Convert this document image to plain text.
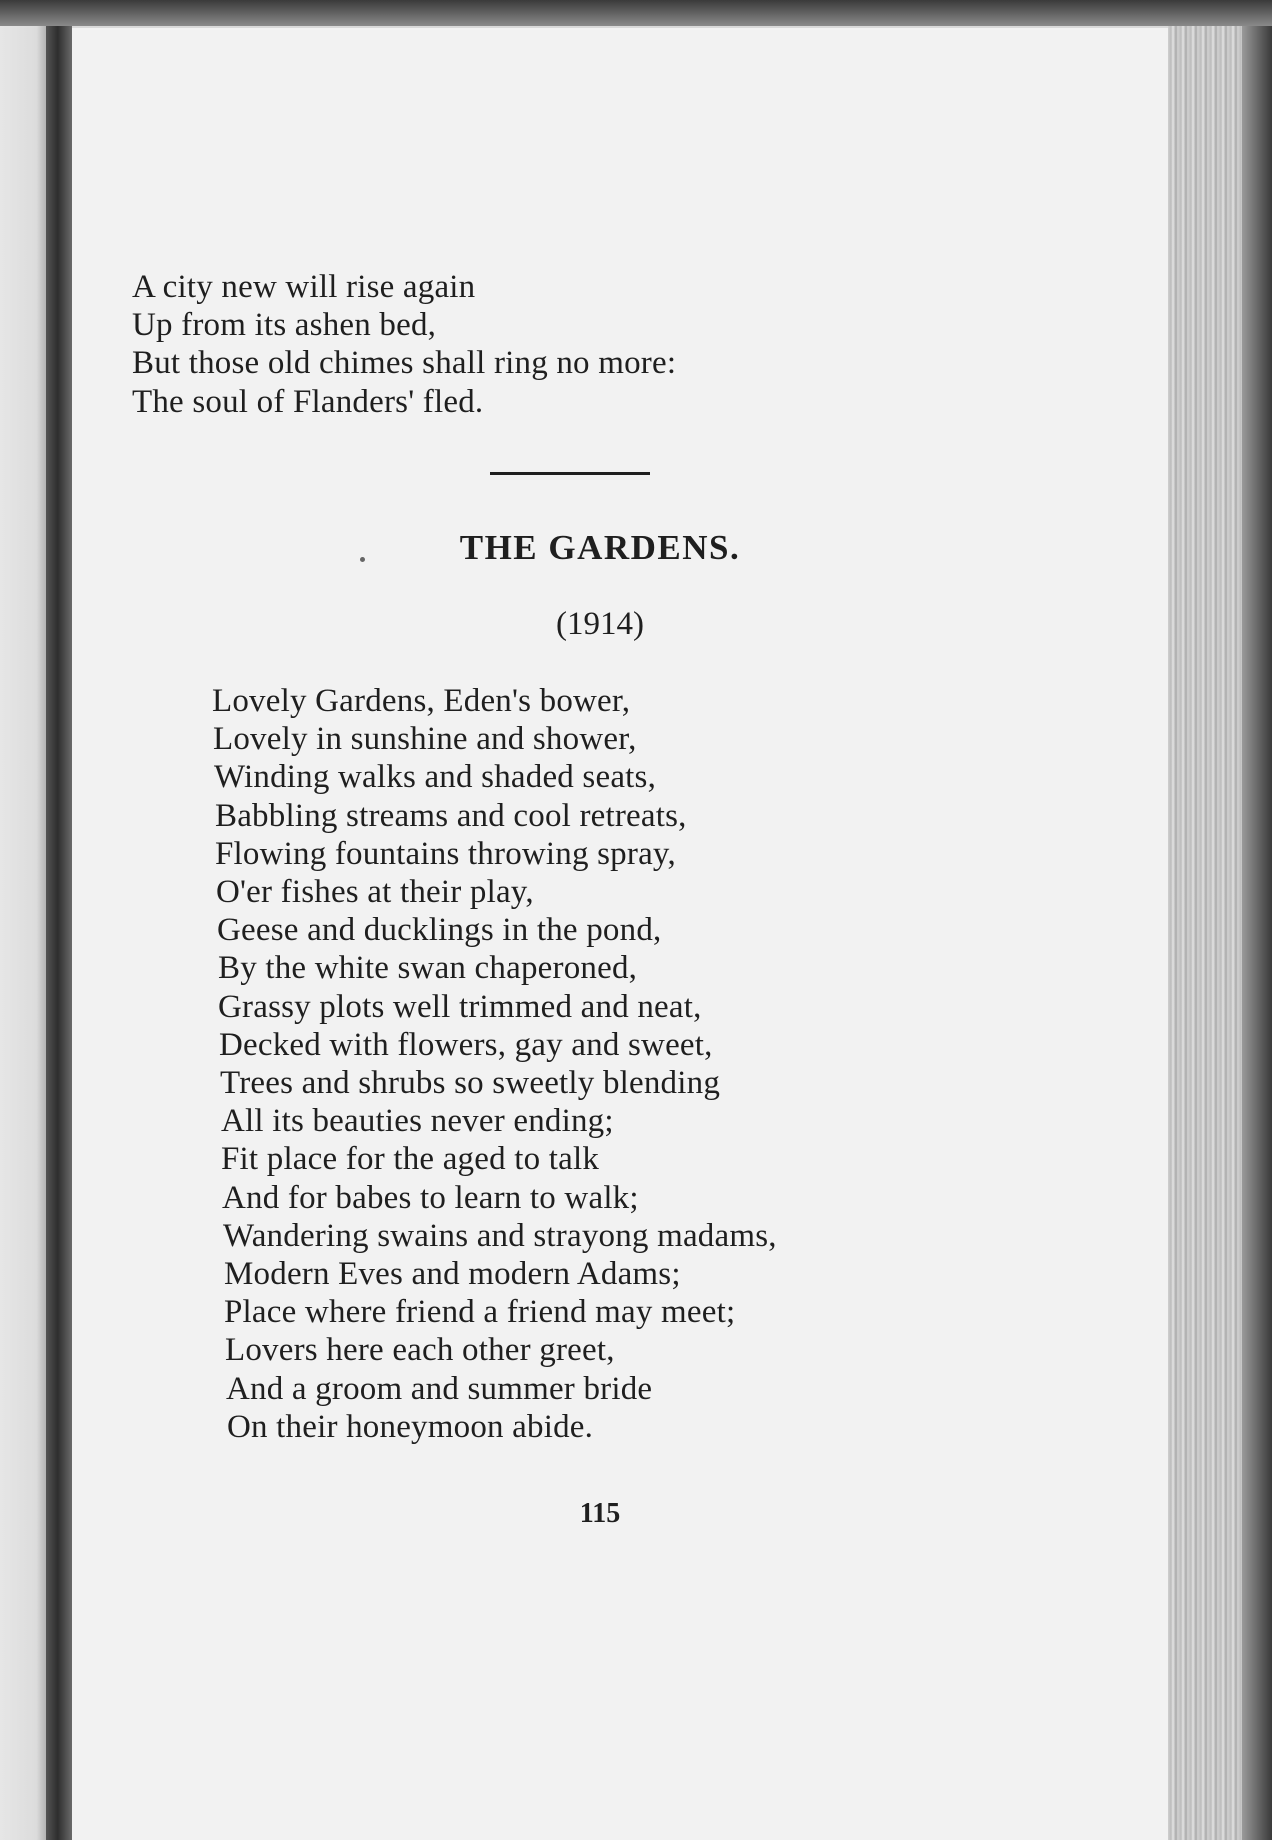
A city new will rise again
Up from its ashen bed,
But those old chimes shall ring no more:
The soul of Flanders' fled.
THE GARDENS.
(1914)
Lovely Gardens, Eden's bower,
Lovely in sunshine and shower,
Winding walks and shaded seats,
Babbling streams and cool retreats,
Flowing fountains throwing spray,
O'er fishes at their play,
Geese and ducklings in the pond,
By the white swan chaperoned,
Grassy plots well trimmed and neat,
Decked with flowers, gay and sweet,
Trees and shrubs so sweetly blending
All its beauties never ending;
Fit place for the aged to talk
And for babes to learn to walk;
Wandering swains and strayong madams,
Modern Eves and modern Adams;
Place where friend a friend may meet;
Lovers here each other greet,
And a groom and summer bride
On their honeymoon abide.
115
